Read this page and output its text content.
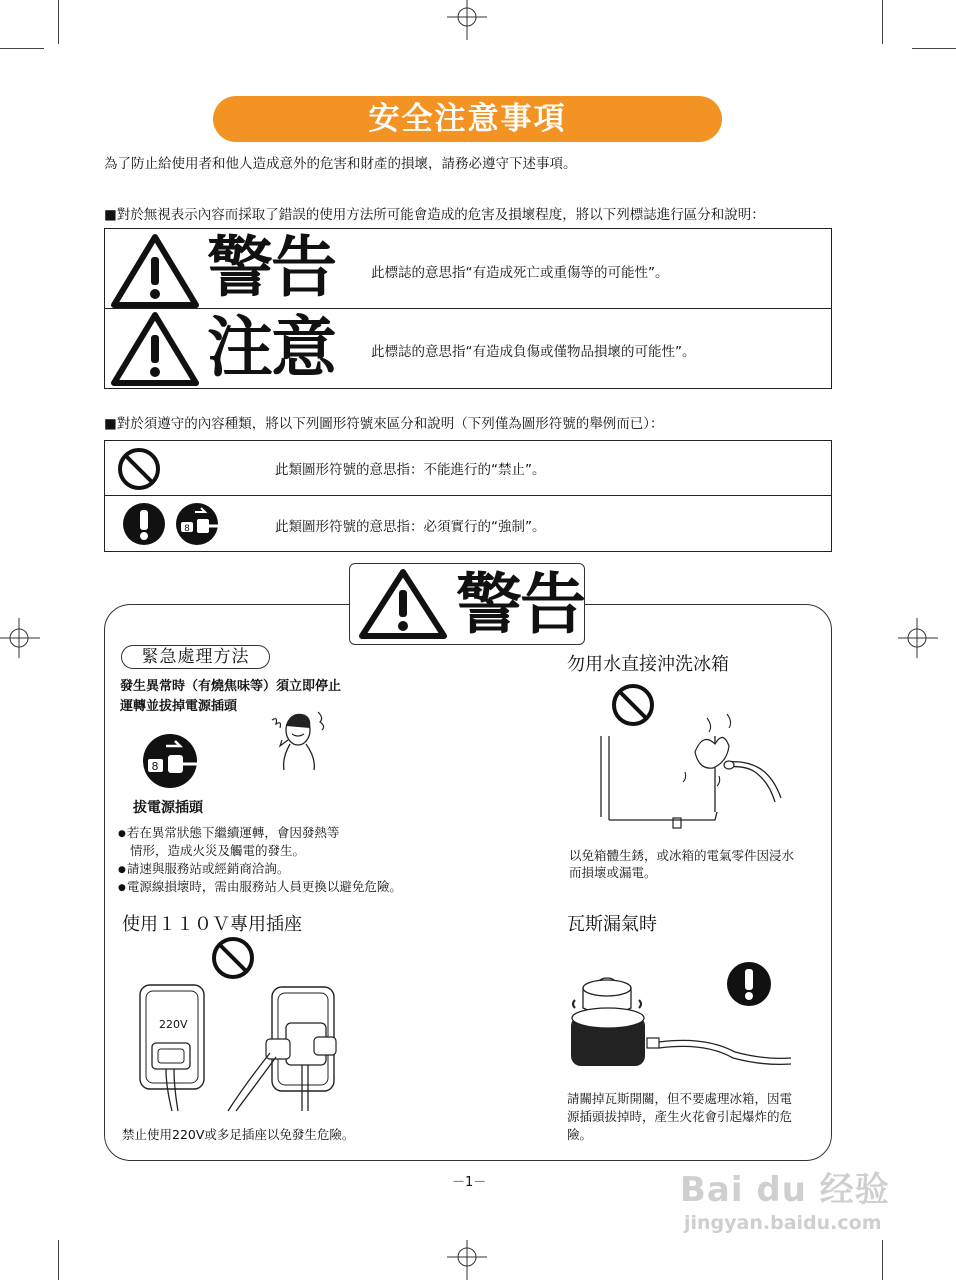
安全注意事項
為了防止給使用者和他人造成意外的危害和財產的損壞，請務必遵守下述事項。
■對於無視表示內容而採取了錯誤的使用方法所可能會造成的危害及損壞程度，將以下列標誌進行區分和說明：
警告	此標誌的意思指“有造成死亡或重傷等的可能性”。
注意	此標誌的意思指“有造成負傷或僅物品損壞的可能性”。
■對於須遵守的內容種類，將以下列圖形符號來區分和說明（下列僅為圖形符號的舉例而已）：
此類圖形符號的意思指：不能進行的“禁止”。
8	此類圖形符號的意思指：必須實行的“強制”。
警告
緊急處理方法
發生異常時（有燒焦味等）須立即停止
運轉並拔掉電源插頭
8
拔電源插頭
● 若在異常狀態下繼續運轉，會因發熱等
情形，造成火災及觸電的發生。
● 請速與服務站或經銷商洽詢。
● 電源線損壞時，需由服務站人員更換以避免危險。
勿用水直接沖洗冰箱
以免箱體生銹，或冰箱的電氣零件因浸水
而損壞或漏電。
使用１１０Ｖ專用插座
220V
禁止使用220V或多足插座以免發生危險。
瓦斯漏氣時
請關掉瓦斯開關，但不要處理冰箱，因電
源插頭拔掉時，產生火花會引起爆炸的危
險。
－1－	Bai du 经验
jingyan.baidu.com
